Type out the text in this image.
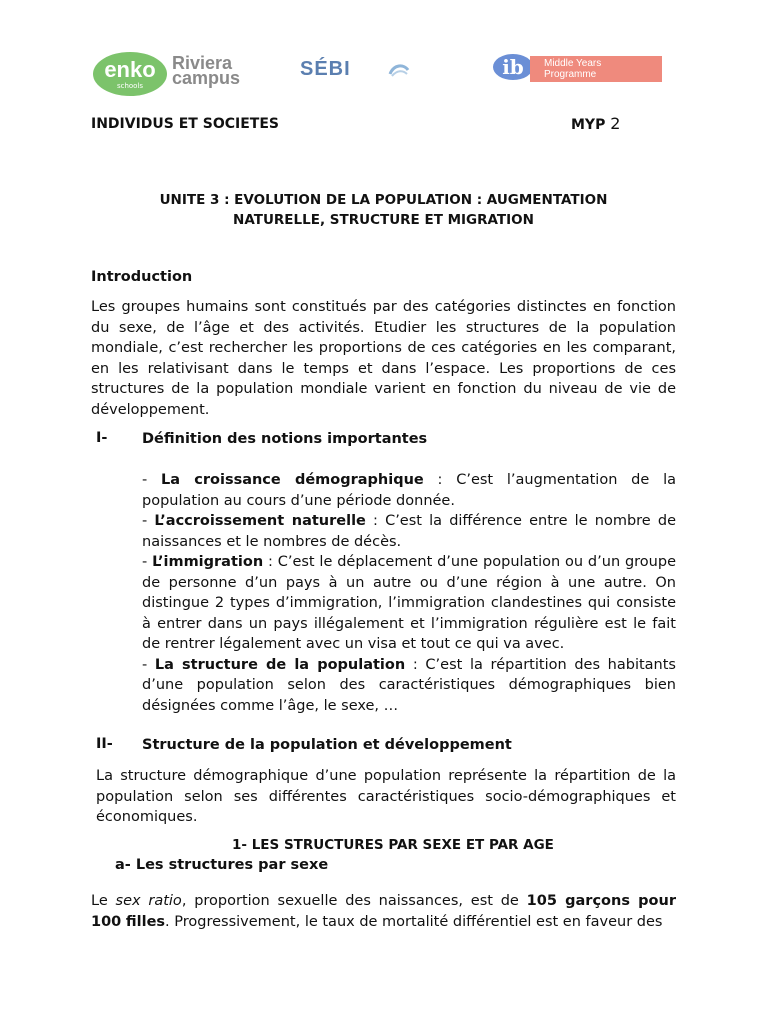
enko
schools
Riviera
campus	SÉBI	ib	Middle Years
Programme
INDIVIDUS ET SOCIETES	MYP 2
UNITE 3 : EVOLUTION DE LA POPULATION : AUGMENTATION
NATURELLE, STRUCTURE ET MIGRATION
Introduction
Les groupes humains sont constitués par des catégories distinctes en fonction du sexe, de l’âge et des activités. Etudier les structures de la population mondiale, c’est rechercher les proportions de ces catégories en les comparant, en les relativisant dans le temps et dans l’espace. Les proportions de ces structures de la population mondiale varient en fonction du niveau de vie de développement.
I- Définition des notions importantes

- La croissance démographique : C’est l’augmentation de la population au cours d’une période donnée.

- L’accroissement naturelle : C’est la différence entre le nombre de naissances et le nombres de décès.

- L’immigration : C’est le déplacement d’une population ou d’un groupe de personne d’un pays à un autre ou d’une région à une autre. On distingue 2 types d’immigration, l’immigration clandestines qui consiste à entrer dans un pays illégalement et l’immigration régulière est le fait de rentrer légalement avec un visa et tout ce qui va avec.

- La structure de la population : C’est la répartition des habitants d’une population selon des caractéristiques démographiques bien désignées comme l’âge, le sexe, …

II- Structure de la population et développement
La structure démographique d’une population représente la répartition de la population selon ses différentes caractéristiques socio-démographiques et économiques.
1- LES STRUCTURES PAR SEXE ET PAR AGE
a- Les structures par sexe
Le sex ratio, proportion sexuelle des naissances, est de 105 garçons pour 100 filles. Progressivement, le taux de mortalité différentiel est en faveur des
